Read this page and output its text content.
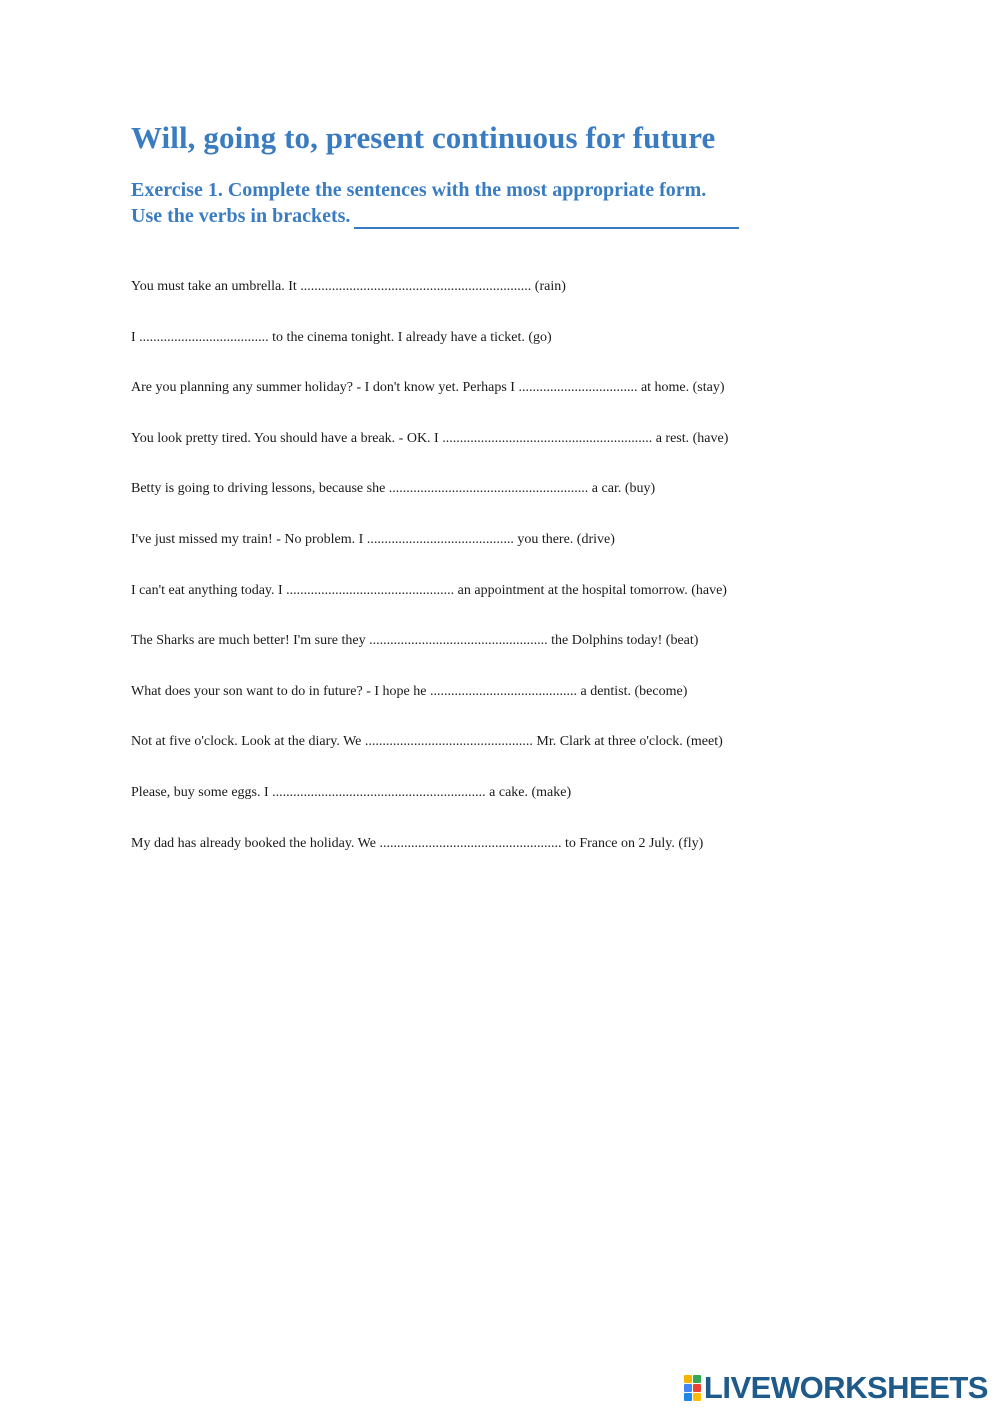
Will, going to, present continuous for future
Exercise 1. Complete the sentences with the most appropriate form.
Use the verbs in brackets.
You must take an umbrella. It .................................................................. (rain)
I ..................................... to the cinema tonight. I already have a ticket. (go)
Are you planning any summer holiday? - I don't know yet. Perhaps I .................................. at home. (stay)
You look pretty tired. You should have a break. - OK. I ............................................................ a rest. (have)
Betty is going to driving lessons, because she ......................................................... a car. (buy)
I've just missed my train! - No problem. I .......................................... you there. (drive)
I can't eat anything today. I ................................................ an appointment at the hospital tomorrow. (have)
The Sharks are much better! I'm sure they ................................................... the Dolphins today! (beat)
What does your son want to do in future? - I hope he .......................................... a dentist. (become)
Not at five o'clock. Look at the diary. We ................................................ Mr. Clark at three o'clock. (meet)
Please, buy some eggs. I ............................................................. a cake. (make)
My dad has already booked the holiday. We .................................................... to France on 2 July. (fly)
LIVEWORKSHEETS
